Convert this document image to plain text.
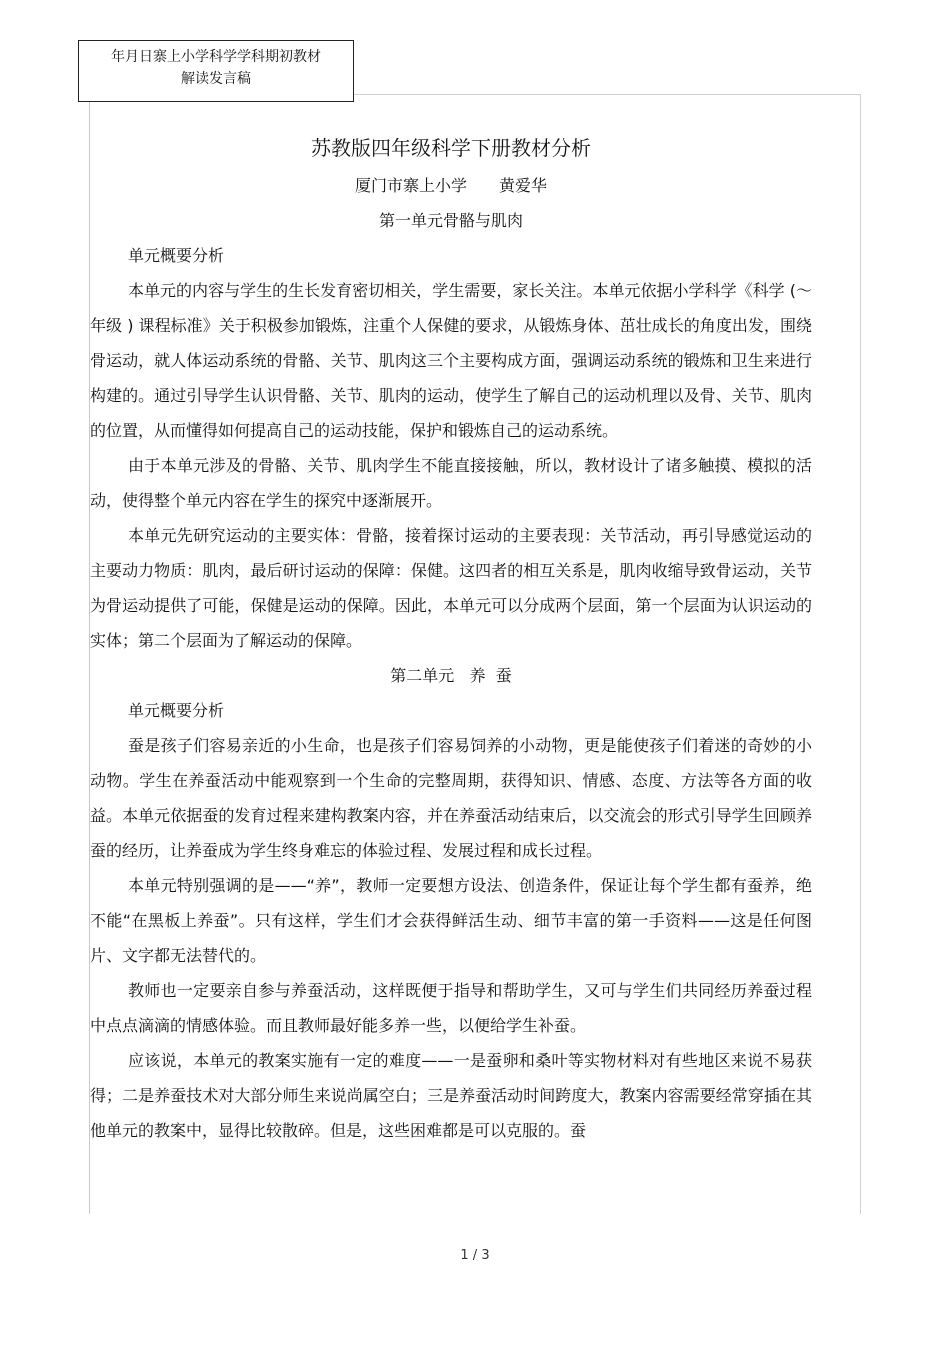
年月日寨上小学科学学科期初教材
解读发言稿
苏教版四年级科学下册教材分析
厦门市寨上小学 黄爱华
第一单元骨骼与肌肉
单元概要分析

本单元的内容与学生的生长发育密切相关，学生需要，家长关注。本单元依据小学科学《科学 (～年级 ) 课程标准》关于积极参加锻炼，注重个人保健的要求，从锻炼身体、茁壮成长的角度出发，围绕骨运动，就人体运动系统的骨骼、关节、肌肉这三个主要构成方面，强调运动系统的锻炼和卫生来进行构建的。通过引导学生认识骨骼、关节、肌肉的运动，使学生了解自己的运动机理以及骨、关节、肌肉的位置，从而懂得如何提高自己的运动技能，保护和锻炼自己的运动系统。

由于本单元涉及的骨骼、关节、肌肉学生不能直接接触，所以，教材设计了诸多触摸、模拟的活动，使得整个单元内容在学生的探究中逐渐展开。

本单元先研究运动的主要实体：骨骼，接着探讨运动的主要表现：关节活动，再引导感觉运动的主要动力物质：肌肉，最后研讨运动的保障：保健。这四者的相互关系是，肌肉收缩导致骨运动，关节为骨运动提供了可能，保健是运动的保障。因此，本单元可以分成两个层面，第一个层面为认识运动的实体；第二个层面为了解运动的保障。

第二单元   养  蚕
单元概要分析

蚕是孩子们容易亲近的小生命，也是孩子们容易饲养的小动物，更是能使孩子们着迷的奇妙的小动物。学生在养蚕活动中能观察到一个生命的完整周期，获得知识、情感、态度、方法等各方面的收益。本单元依据蚕的发育过程来建构教案内容，并在养蚕活动结束后，以交流会的形式引导学生回顾养蚕的经历，让养蚕成为学生终身难忘的体验过程、发展过程和成长过程。

本单元特别强调的是——“养”，教师一定要想方设法、创造条件，保证让每个学生都有蚕养，绝不能“在黑板上养蚕”。只有这样，学生们才会获得鲜活生动、细节丰富的第一手资料——这是任何图片、文字都无法替代的。

教师也一定要亲自参与养蚕活动，这样既便于指导和帮助学生，又可与学生们共同经历养蚕过程中点点滴滴的情感体验。而且教师最好能多养一些，以便给学生补蚕。

应该说，本单元的教案实施有一定的难度——一是蚕卵和桑叶等实物材料对有些地区来说不易获得；二是养蚕技术对大部分师生来说尚属空白；三是养蚕活动时间跨度大，教案内容需要经常穿插在其他单元的教案中，显得比较散碎。但是，这些困难都是可以克服的。蚕

1 / 3
